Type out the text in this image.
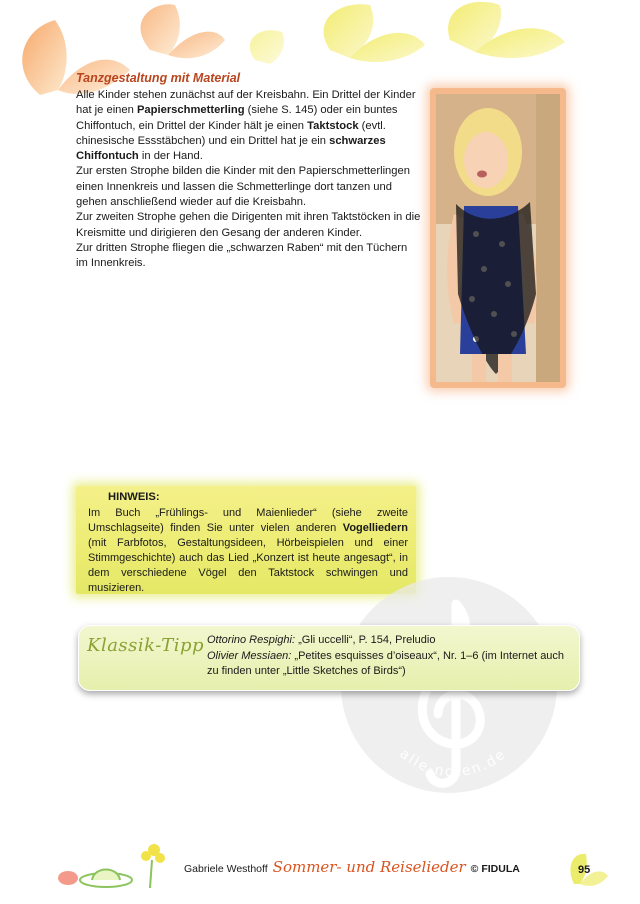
Tanzgestaltung mit Material

Alle Kinder stehen zunächst auf der Kreisbahn. Ein Drittel der Kinder hat je einen Papierschmetterling (siehe S. 145) oder ein buntes Chiffontuch, ein Drittel der Kinder hält je einen Taktstock (evtl. chinesische Essstäbchen) und ein Drittel hat je ein schwarzes Chiffontuch in der Hand.

Zur ersten Strophe bilden die Kinder mit den Papierschmetterlingen einen Innenkreis und lassen die Schmetterlinge dort tanzen und gehen anschließend wieder auf die Kreisbahn.

Zur zweiten Strophe gehen die Dirigenten mit ihren Taktstöcken in die Kreismitte und dirigieren den Gesang der anderen Kinder.

Zur dritten Strophe fliegen die „schwarzen Raben“ mit den Tüchern im Innenkreis.

HINWEIS:

Im Buch „Frühlings- und Maienlieder“ (siehe zweite Umschlagseite) finden Sie unter vielen anderen Vogelliedern (mit Farbfotos, Gestaltungsideen, Hörbeispielen und einer Stimmgeschichte) auch das Lied „Konzert ist heute angesagt“, in dem verschiedene Vögel den Taktstock schwingen und musizieren.

alle-noten.de
Klassik-Tipp Ottorino Respighi: „Gli uccelli“, P. 154, Preludio

Olivier Messiaen: „Petites esquisses d’oiseaux“, Nr. 1–6 (im Internet auch zu finden unter „Little Sketches of Birds“)

Gabriele Westhoff Sommer- und Reiselieder © FIDULA	95
